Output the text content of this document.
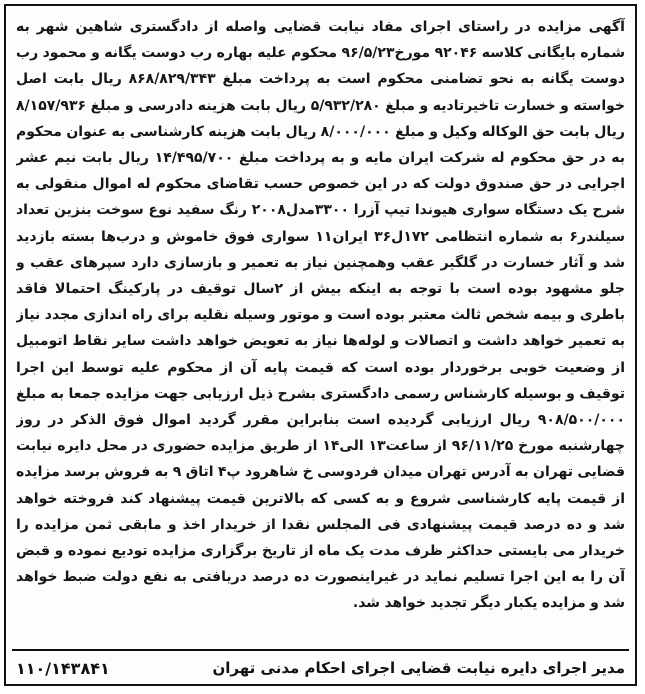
آگهی مزایده در راستای اجرای مفاد نیابت قضایی واصله از دادگستری شاهین شهر به شماره بایگانی کلاسه ۹۲۰۴۶ مورخ۹۶/۵/۲۳ محکوم علیه بهاره رب دوست یگانه و محمود رب دوست یگانه به نحو تضامنی محکوم است به پرداخت مبلغ ۸۶۸/۸۲۹/۳۴۳ ریال بابت اصل خواسته و خسارت تاخیرتادیه و مبلغ ۵/۹۳۲/۲۸۰ ریال بابت هزینه دادرسی و مبلغ ۸/۱۵۷/۹۳۶ ریال بابت حق الوکاله وکیل و مبلغ ۸/۰۰۰/۰۰۰ ریال بابت هزینه کارشناسی به عنوان محکوم به در حق محکوم له شرکت ایران مایه و به پرداخت مبلغ ۱۴/۴۹۵/۷۰۰ ریال بابت نیم عشر اجرایی در حق صندوق دولت که در این خصوص حسب تقاضای محکوم له اموال منقولی به شرح یک دستگاه سواری هیوندا تیپ آزرا ۳۳۰۰مدل۲۰۰۸ رنگ سفید نوع سوخت بنزین تعداد سیلندر۶ به شماره انتظامی ۱۷۲ل۳۶ ایران۱۱ سواری فوق خاموش و درب‌ها بسته بازدید شد و آثار خسارت در گلگیر عقب وهمچنین نیاز به تعمیر و بازسازی دارد سپرهای عقب و جلو مشهود بوده است با توجه به اینکه بیش از ۲سال توقیف در پارکینگ احتمالا فاقد باطری و بیمه شخص ثالث معتبر بوده است و موتور وسیله نقلیه برای راه اندازی مجدد نیاز به تعمیر خواهد داشت و اتصالات و لوله‌ها نیاز به تعویض خواهد داشت سایر نقاط اتومبیل از وضعیت خوبی برخوردار بوده است که قیمت پایه آن از محکوم علیه توسط این اجرا توقیف و بوسیله کارشناس رسمی دادگستری بشرح ذیل ارزیابی جهت مزایده جمعا به مبلغ ۹۰۸/۵۰۰/۰۰۰ ریال ارزیابی گردیده است بنابراین مقرر گردید اموال فوق الذکر در روز چهارشنبه مورخ ۹۶/۱۱/۲۵ از ساعت۱۳ الی۱۴ از طریق مزایده حضوری در محل دایره نیابت قضایی تهران به آدرس تهران میدان فردوسی خ شاهرود پ۴ اتاق ۹ به فروش برسد مزایده از قیمت پایه کارشناسی شروع و به کسی که بالاترین قیمت پیشنهاد کند فروخته خواهد شد و ده درصد قیمت پیشنهادی فی المجلس نقدا از خریدار اخذ و مابقی ثمن مزایده را خریدار می بایستی حداکثر ظرف مدت یک ماه از تاریخ برگزاری مزایده تودیع نموده و قبض آن را به این اجرا تسلیم نماید در غیراینصورت ده درصد دریافتی به نفع دولت ضبط خواهد شد و مزایده یکبار دیگر تجدید خواهد شد.
مدیر اجرای دایره نیابت قضایی اجرای احکام مدنی تهران
۱۱۰/۱۴۳۸۴۱
